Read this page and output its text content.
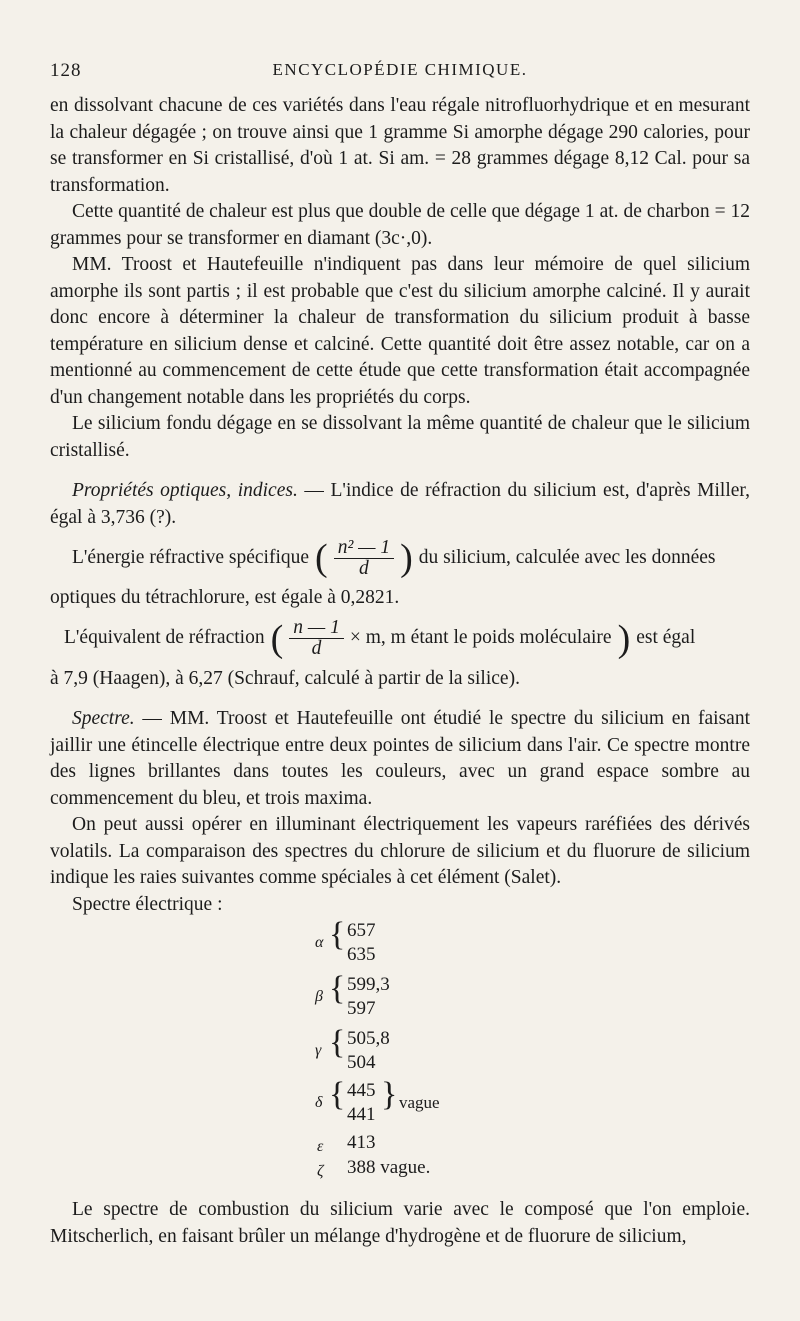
128	ENCYCLOPÉDIE CHIMIQUE.

en dissolvant chacune de ces variétés dans l'eau régale nitrofluorhydrique et en mesurant la chaleur dégagée ; on trouve ainsi que 1 gramme Si amorphe dégage 290 calories, pour se transformer en Si cristallisé, d'où 1 at. Si am. = 28 grammes dégage 8,12 Cal. pour sa transformation.

Cette quantité de chaleur est plus que double de celle que dégage 1 at. de charbon = 12 grammes pour se transformer en diamant (3c·,0).

MM. Troost et Hautefeuille n'indiquent pas dans leur mémoire de quel silicium amorphe ils sont partis ; il est probable que c'est du silicium amorphe calciné. Il y aurait donc encore à déterminer la chaleur de transformation du silicium produit à basse température en silicium dense et calciné. Cette quantité doit être assez notable, car on a mentionné au commencement de cette étude que cette transformation était accompagnée d'un changement notable dans les propriétés du corps.

Le silicium fondu dégage en se dissolvant la même quantité de chaleur que le silicium cristallisé.

Propriétés optiques, indices. — L'indice de réfraction du silicium est, d'après Miller, égal à 3,736 (?).

L'énergie réfractive spécifique ( $\frac{\text{n² — 1}}{d}$ ) du silicium, calculée avec les données

optiques du tétrachlorure, est égale à 0,2821.

L'équivalent de réfraction ( $\frac{n — 1}{d} \times m$, m étant le poids moléculaire ) est égal

à 7,9 (Haagen), à 6,27 (Schrauf, calculé à partir de la silice).

Spectre. — MM. Troost et Hautefeuille ont étudié le spectre du silicium en faisant jaillir une étincelle électrique entre deux pointes de silicium dans l'air. Ce spectre montre des lignes brillantes dans toutes les couleurs, avec un grand espace sombre au commencement du bleu, et trois maxima.

On peut aussi opérer en illuminant électriquement les vapeurs raréfiées des dérivés volatils. La comparaison des spectres du chlorure de silicium et du fluorure de silicium indique les raies suivantes comme spéciales à cet élément (Salet).

Spectre électrique :

α { 657
635
β { 599,3
597
γ { 505,8
504
δ { 445
441
} vague
ε 413
ζ 388 vague.

Le spectre de combustion du silicium varie avec le composé que l'on emploie. Mitscherlich, en faisant brûler un mélange d'hydrogène et de fluorure de silicium,
